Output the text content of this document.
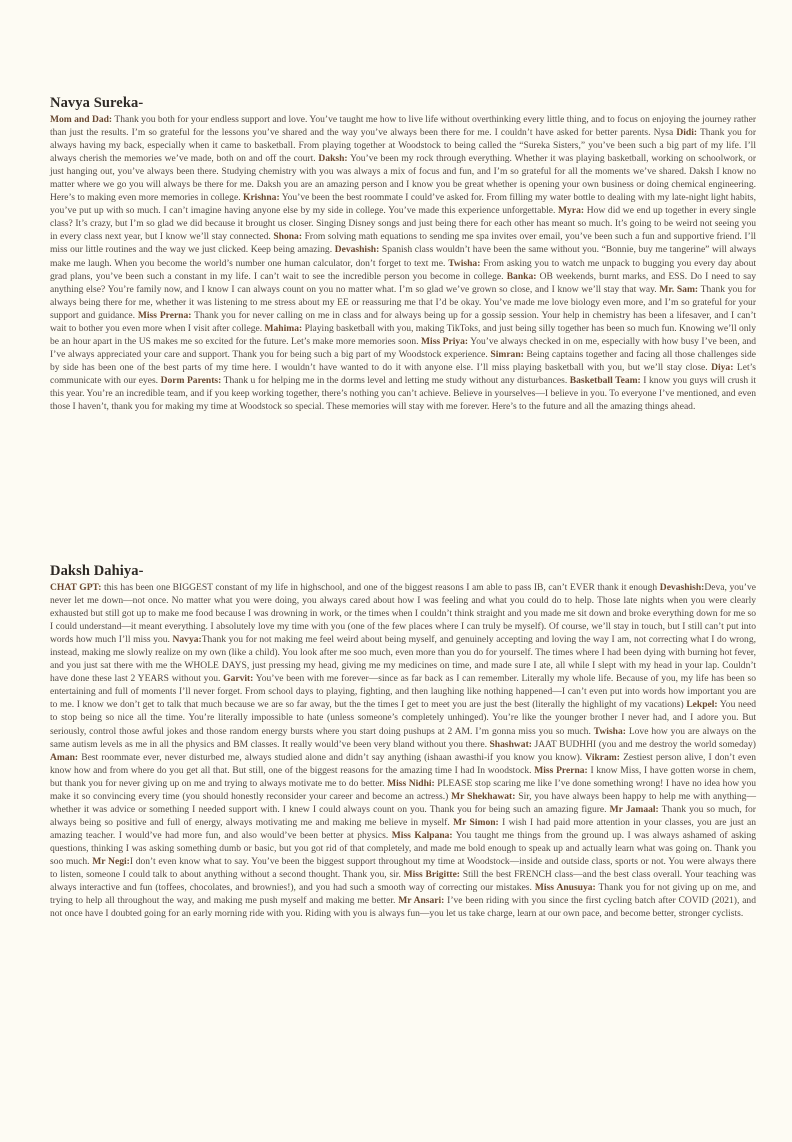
Navya Sureka-

Mom and Dad: Thank you both for your endless support and love. You’ve taught me how to live life without overthinking every little thing, and to focus on enjoying the journey rather than just the results. I’m so grateful for the lessons you’ve shared and the way you’ve always been there for me. I couldn’t have asked for better parents. Nysa Didi: Thank you for always having my back, especially when it came to basketball. From playing together at Woodstock to being called the “Sureka Sisters,” you’ve been such a big part of my life. I’ll always cherish the memories we’ve made, both on and off the court. Daksh: You’ve been my rock through everything. Whether it was playing basketball, working on schoolwork, or just hanging out, you’ve always been there. Studying chemistry with you was always a mix of focus and fun, and I’m so grateful for all the moments we’ve shared. Daksh I know no matter where we go you will always be there for me. Daksh you are an amazing person and I know you be great whether is opening your own business or doing chemical engineering. Here’s to making even more memories in college. Krishna: You’ve been the best roommate I could’ve asked for. From filling my water bottle to dealing with my late-night light habits, you’ve put up with so much. I can’t imagine having anyone else by my side in college. You’ve made this experience unforgettable. Myra: How did we end up together in every single class? It’s crazy, but I’m so glad we did because it brought us closer. Singing Disney songs and just being there for each other has meant so much. It’s going to be weird not seeing you in every class next year, but I know we’ll stay connected. Shona: From solving math equations to sending me spa invites over email, you’ve been such a fun and supportive friend. I’ll miss our little routines and the way we just clicked. Keep being amazing. Devashish: Spanish class wouldn’t have been the same without you. “Bonnie, buy me tangerine” will always make me laugh. When you become the world’s number one human calculator, don’t forget to text me. Twisha: From asking you to watch me unpack to bugging you every day about grad plans, you’ve been such a constant in my life. I can’t wait to see the incredible person you become in college. Banka: OB weekends, burnt marks, and ESS. Do I need to say anything else? You’re family now, and I know I can always count on you no matter what. I’m so glad we’ve grown so close, and I know we’ll stay that way. Mr. Sam: Thank you for always being there for me, whether it was listening to me stress about my EE or reassuring me that I’d be okay. You’ve made me love biology even more, and I’m so grateful for your support and guidance. Miss Prerna: Thank you for never calling on me in class and for always being up for a gossip session. Your help in chemistry has been a lifesaver, and I can’t wait to bother you even more when I visit after college. Mahima: Playing basketball with you, making TikToks, and just being silly together has been so much fun. Knowing we’ll only be an hour apart in the US makes me so excited for the future. Let’s make more memories soon. Miss Priya: You’ve always checked in on me, especially with how busy I’ve been, and I’ve always appreciated your care and support. Thank you for being such a big part of my Woodstock experience. Simran: Being captains together and facing all those challenges side by side has been one of the best parts of my time here. I wouldn’t have wanted to do it with anyone else. I’ll miss playing basketball with you, but we’ll stay close. Diya: Let’s communicate with our eyes. Dorm Parents: Thank u for helping me in the dorms level and letting me study without any disturbances. Basketball Team: I know you guys will crush it this year. You’re an incredible team, and if you keep working together, there’s nothing you can’t achieve. Believe in yourselves—I believe in you. To everyone I’ve mentioned, and even those I haven’t, thank you for making my time at Woodstock so special. These memories will stay with me forever. Here’s to the future and all the amazing things ahead.

Daksh Dahiya-

CHAT GPT: this has been one BIGGEST constant of my life in highschool, and one of the biggest reasons I am able to pass IB, can’t EVER thank it enough Devashish:Deva, you’ve never let me down—not once. No matter what you were doing, you always cared about how I was feeling and what you could do to help. Those late nights when you were clearly exhausted but still got up to make me food because I was drowning in work, or the times when I couldn’t think straight and you made me sit down and broke everything down for me so I could understand—it meant everything. I absolutely love my time with you (one of the few places where I can truly be myself). Of course, we’ll stay in touch, but I still can’t put into words how much I’ll miss you. Navya:Thank you for not making me feel weird about being myself, and genuinely accepting and loving the way I am, not correcting what I do wrong, instead, making me slowly realize on my own (like a child). You look after me soo much, even more than you do for yourself. The times where I had been dying with burning hot fever, and you just sat there with me the WHOLE DAYS, just pressing my head, giving me my medicines on time, and made sure I ate, all while I slept with my head in your lap. Couldn’t have done these last 2 YEARS without you. Garvit: You’ve been with me forever—since as far back as I can remember. Literally my whole life. Because of you, my life has been so entertaining and full of moments I’ll never forget. From school days to playing, fighting, and then laughing like nothing happened—I can’t even put into words how important you are to me. I know we don’t get to talk that much because we are so far away, but the the times I get to meet you are just the best (literally the highlight of my vacations) Lekpel: You need to stop being so nice all the time. You’re literally impossible to hate (unless someone’s completely unhinged). You’re like the younger brother I never had, and I adore you. But seriously, control those awful jokes and those random energy bursts where you start doing pushups at 2 AM. I’m gonna miss you so much. Twisha: Love how you are always on the same autism levels as me in all the physics and BM classes. It really would’ve been very bland without you there. Shashwat: JAAT BUDHHI (you and me destroy the world someday) Aman: Best roommate ever, never disturbed me, always studied alone and didn’t say anything (ishaan awasthi-if you know you know). Vikram: Zestiest person alive, I don’t even know how and from where do you get all that. But still, one of the biggest reasons for the amazing time I had In woodstock. Miss Prerna: I know Miss, I have gotten worse in chem, but thank you for never giving up on me and trying to always motivate me to do better. Miss Nidhi: PLEASE stop scaring me like I’ve done something wrong! I have no idea how you make it so convincing every time (you should honestly reconsider your career and become an actress.) Mr Shekhawat: Sir, you have always been happy to help me with anything—whether it was advice or something I needed support with. I knew I could always count on you. Thank you for being such an amazing figure. Mr Jamaal: Thank you so much, for always being so positive and full of energy, always motivating me and making me believe in myself. Mr Simon: I wish I had paid more attention in your classes, you are just an amazing teacher. I would’ve had more fun, and also would’ve been better at physics. Miss Kalpana: You taught me things from the ground up. I was always ashamed of asking questions, thinking I was asking something dumb or basic, but you got rid of that completely, and made me bold enough to speak up and actually learn what was going on. Thank you soo much. Mr Negi:I don’t even know what to say. You’ve been the biggest support throughout my time at Woodstock—inside and outside class, sports or not. You were always there to listen, someone I could talk to about anything without a second thought. Thank you, sir. Miss Brigitte: Still the best FRENCH class—and the best class overall. Your teaching was always interactive and fun (toffees, chocolates, and brownies!), and you had such a smooth way of correcting our mistakes. Miss Anusuya: Thank you for not giving up on me, and trying to help all throughout the way, and making me push myself and making me better. Mr Ansari: I’ve been riding with you since the first cycling batch after COVID (2021), and not once have I doubted going for an early morning ride with you. Riding with you is always fun—you let us take charge, learn at our own pace, and become better, stronger cyclists.
